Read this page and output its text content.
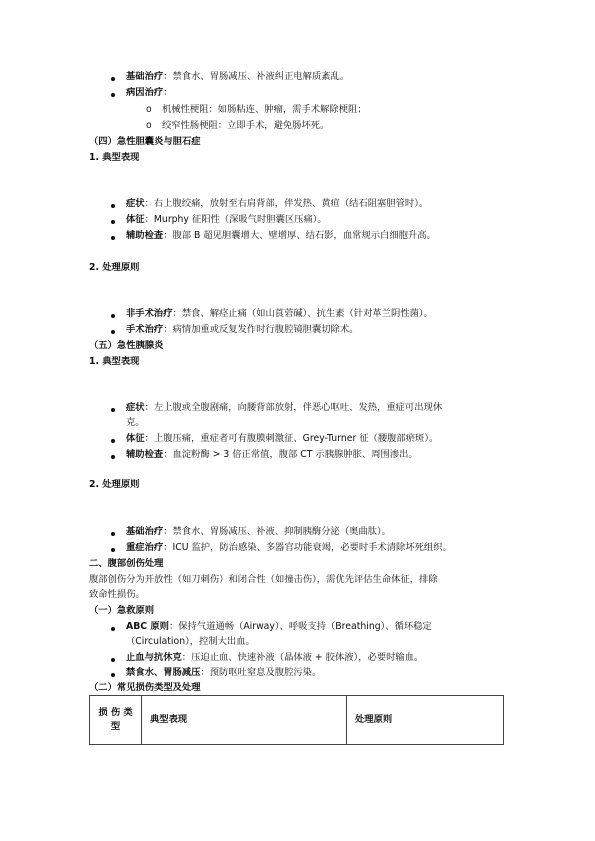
基础治疗：禁食水、胃肠减压、补液纠正电解质紊乱。
病因治疗：
o 机械性梗阻：如肠粘连、肿瘤，需手术解除梗阻；
o 绞窄性肠梗阻：立即手术，避免肠坏死。
（四）急性胆囊炎与胆石症
1. 典型表现
症状：右上腹绞痛，放射至右肩背部，伴发热、黄疸（结石阻塞胆管时）。
体征：Murphy 征阳性（深吸气时胆囊区压痛）。
辅助检查：腹部 B 超见胆囊增大、壁增厚、结石影，血常规示白细胞升高。
2. 处理原则
非手术治疗：禁食、解痉止痛（如山莨菪碱）、抗生素（针对革兰阴性菌）。
手术治疗：病情加重或反复发作时行腹腔镜胆囊切除术。
（五）急性胰腺炎
1. 典型表现
症状：左上腹或全腹剧痛，向腰背部放射，伴恶心呕吐、发热，重症可出现休
克。
体征：上腹压痛，重症者可有腹膜刺激征、Grey-Turner 征（腰腹部瘀斑）。
辅助检查：血淀粉酶 > 3 倍正常值，腹部 CT 示胰腺肿胀、周围渗出。
2. 处理原则
基础治疗：禁食水、胃肠减压、补液、抑制胰酶分泌（奥曲肽）。
重症治疗：ICU 监护，防治感染、多器官功能衰竭，必要时手术清除坏死组织。
二、腹部创伤处理
腹部创伤分为开放性（如刀刺伤）和闭合性（如撞击伤），需优先评估生命体征，排除
致命性损伤。
（一）急救原则
ABC 原则：保持气道通畅（Airway）、呼吸支持（Breathing）、循环稳定
（Circulation），控制大出血。
止血与抗休克：压迫止血、快速补液（晶体液 + 胶体液），必要时输血。
禁食水、胃肠减压：预防呕吐窒息及腹腔污染。
（二）常见损伤类型及处理
损 伤 类型	典型表现	处理原则
